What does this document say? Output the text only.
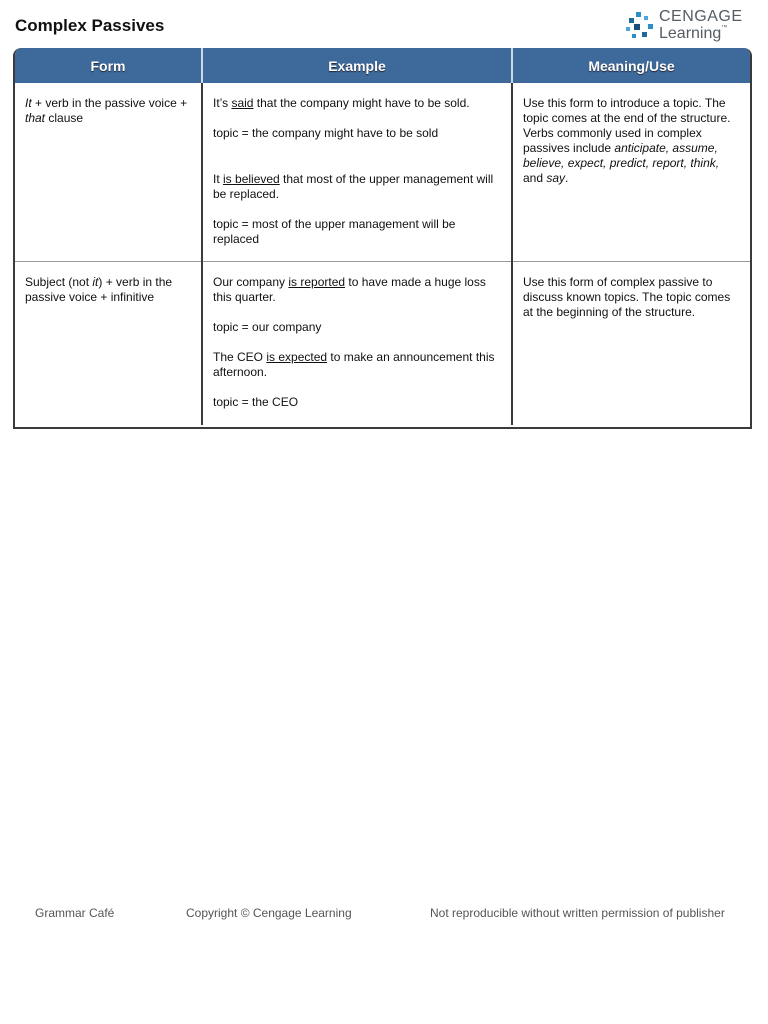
Complex Passives	CENGAGE
Learning™
Form	Example	Meaning/Use
It + verb in the passive voice + that clause	It’s said that the company might have to be sold.

topic = the company might have to be sold

It is believed that most of the upper management will be replaced.

topic = most of the upper management will be replaced	Use this form to introduce a topic. The topic comes at the end of the structure. Verbs commonly used in complex passives include anticipate, assume, believe, expect, predict, report, think, and say.
Subject (not it) + verb in the passive voice + infinitive	Our company is reported to have made a huge loss this quarter.

topic = our company

The CEO is expected to make an announcement this afternoon.

topic = the CEO	Use this form of complex passive to discuss known topics. The topic comes at the beginning of the structure.
Grammar Café	Copyright © Cengage Learning	Not reproducible without written permission of publisher
